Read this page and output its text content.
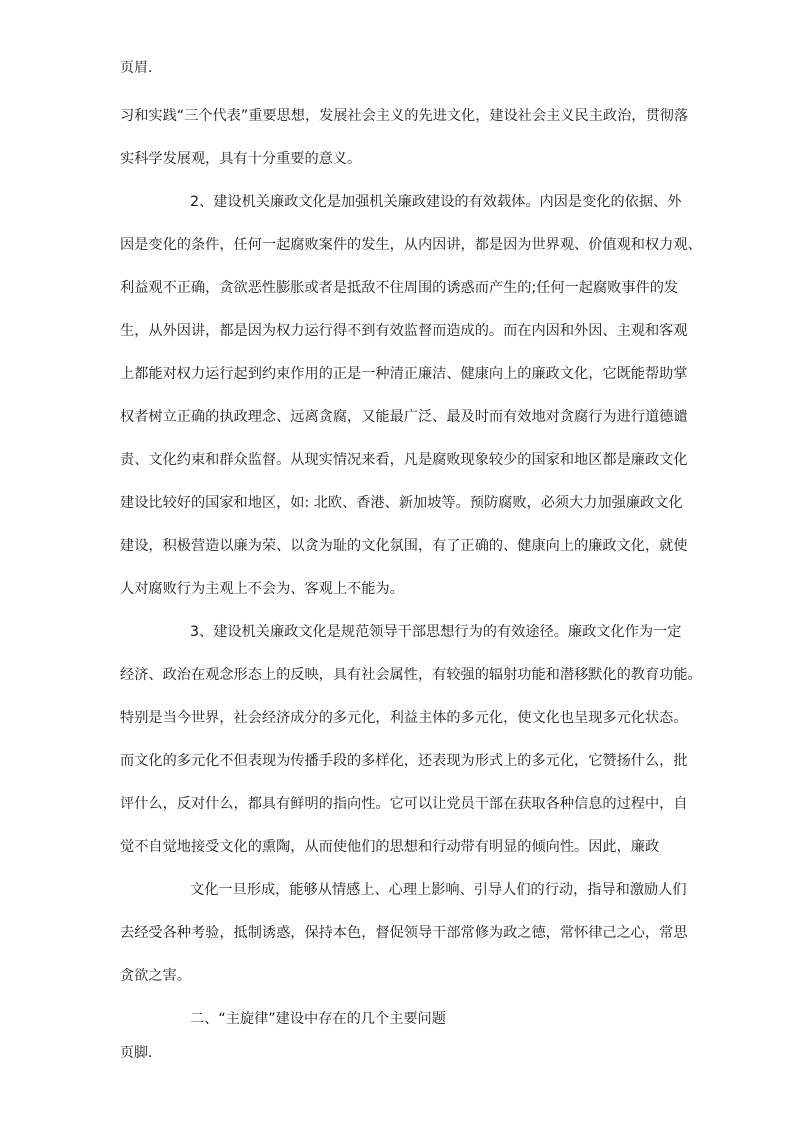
页眉.
习和实践“三个代表”重要思想，发展社会主义的先进文化，建设社会主义民主政治，贯彻落
实科学发展观，具有十分重要的意义。
2、建设机关廉政文化是加强机关廉政建设的有效载体。内因是变化的依据、外
因是变化的条件，任何一起腐败案件的发生，从内因讲，都是因为世界观、价值观和权力观、
利益观不正确，贪欲恶性膨胀或者是抵敌不住周围的诱惑而产生的;任何一起腐败事件的发
生，从外因讲，都是因为权力运行得不到有效监督而造成的。而在内因和外因、主观和客观
上都能对权力运行起到约束作用的正是一种清正廉洁、健康向上的廉政文化，它既能帮助掌
权者树立正确的执政理念、远离贪腐，又能最广泛、最及时而有效地对贪腐行为进行道德谴
责、文化约束和群众监督。从现实情况来看，凡是腐败现象较少的国家和地区都是廉政文化
建设比较好的国家和地区，如: 北欧、香港、新加坡等。预防腐败，必须大力加强廉政文化
建设，积极营造以廉为荣、以贪为耻的文化氛围，有了正确的、健康向上的廉政文化，就使
人对腐败行为主观上不会为、客观上不能为。
3、建设机关廉政文化是规范领导干部思想行为的有效途径。廉政文化作为一定
经济、政治在观念形态上的反映，具有社会属性，有较强的辐射功能和潜移默化的教育功能。
特别是当今世界，社会经济成分的多元化，利益主体的多元化，使文化也呈现多元化状态。
而文化的多元化不但表现为传播手段的多样化，还表现为形式上的多元化，它赞扬什么，批
评什么，反对什么，都具有鲜明的指向性。它可以让党员干部在获取各种信息的过程中，自
觉不自觉地接受文化的熏陶，从而使他们的思想和行动带有明显的倾向性。因此，廉政
文化一旦形成，能够从情感上、心理上影响、引导人们的行动，指导和激励人们
去经受各种考验，抵制诱惑，保持本色，督促领导干部常修为政之德，常怀律己之心，常思
贪欲之害。
二、“主旋律”建设中存在的几个主要问题
页脚.
